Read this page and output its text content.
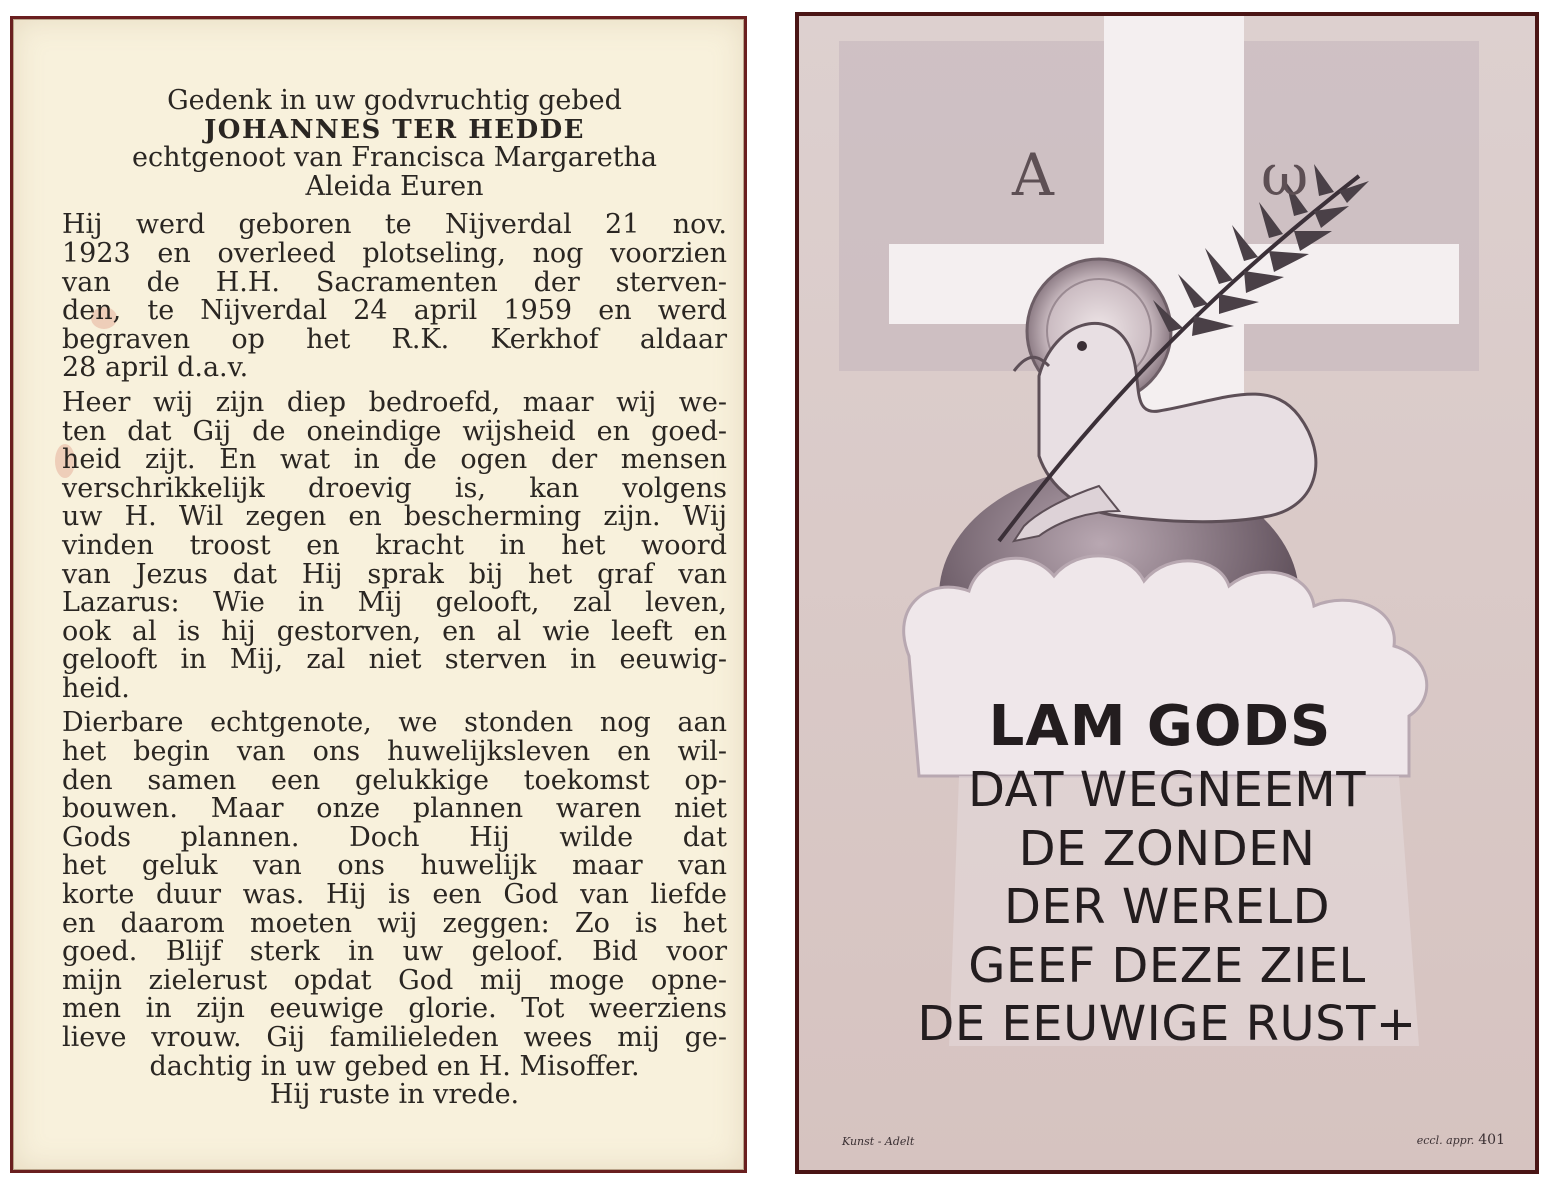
Gedenk in uw godvruchtig gebed
JOHANNES TER HEDDE
echtgenoot van Francisca Margaretha
Aleida Euren
Hij werd geboren te Nijverdal 21 nov.
1923 en overleed plotseling, nog voorzien
van de H.H. Sacramenten der sterven-
den, te Nijverdal 24 april 1959 en werd
begraven op het R.K. Kerkhof aldaar
28 april d.a.v.
Heer wij zijn diep bedroefd, maar wij we-
ten dat Gij de oneindige wijsheid en goed-
heid zijt. En wat in de ogen der mensen
verschrikkelijk droevig is, kan volgens
uw H. Wil zegen en bescherming zijn. Wij
vinden troost en kracht in het woord
van Jezus dat Hij sprak bij het graf van
Lazarus: Wie in Mij gelooft, zal leven,
ook al is hij gestorven, en al wie leeft en
gelooft in Mij, zal niet sterven in eeuwig-
heid.
Dierbare echtgenote, we stonden nog aan
het begin van ons huwelijksleven en wil-
den samen een gelukkige toekomst op-
bouwen. Maar onze plannen waren niet
Gods plannen. Doch Hij wilde dat
het geluk van ons huwelijk maar van
korte duur was. Hij is een God van liefde
en daarom moeten wij zeggen: Zo is het
goed. Blijf sterk in uw geloof. Bid voor
mijn zielerust opdat God mij moge opne-
men in zijn eeuwige glorie. Tot weerziens
lieve vrouw. Gij familieleden wees mij ge-
dachtig in uw gebed en H. Misoffer.
Hij ruste in vrede.
Α	ω
LAM GODS
DAT WEGNEEMT
DE ZONDEN
DER WERELD
GEEF DEZE ZIEL
DE EEUWIGE RUST+
Kunst - Adelt	eccl. appr. 401
